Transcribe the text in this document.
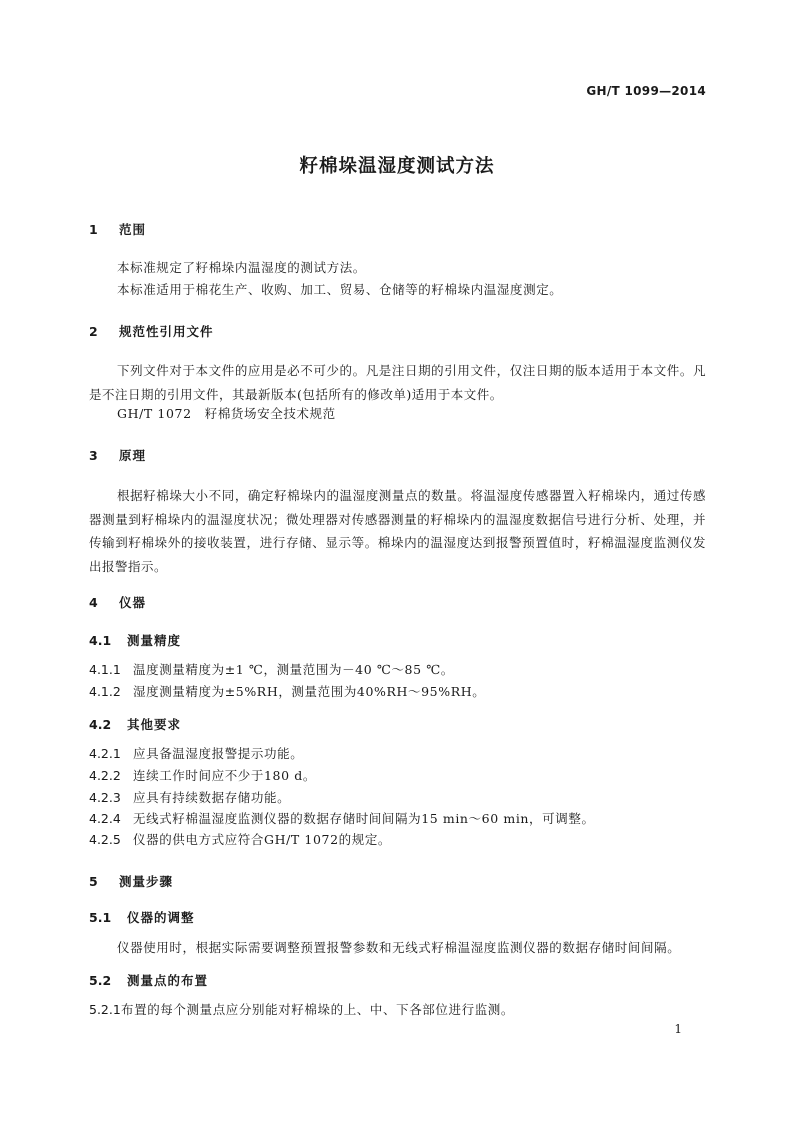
GH/T 1099—2014
籽棉垛温湿度测试方法
1 范围
本标准规定了籽棉垛内温湿度的测试方法。
本标准适用于棉花生产、收购、加工、贸易、仓储等的籽棉垛内温湿度测定。
2 规范性引用文件
下列文件对于本文件的应用是必不可少的。凡是注日期的引用文件，仅注日期的版本适用于本文件。凡是不注日期的引用文件，其最新版本(包括所有的修改单)适用于本文件。
GH/T 1072　籽棉货场安全技术规范
3 原理
根据籽棉垛大小不同，确定籽棉垛内的温湿度测量点的数量。将温湿度传感器置入籽棉垛内，通过传感器测量到籽棉垛内的温湿度状况；微处理器对传感器测量的籽棉垛内的温湿度数据信号进行分析、处理，并传输到籽棉垛外的接收装置，进行存储、显示等。棉垛内的温湿度达到报警预置值时，籽棉温湿度监测仪发出报警指示。
4 仪器
4.1 测量精度
4.1.1 温度测量精度为±1 ℃，测量范围为－40 ℃～85 ℃。
4.1.2 湿度测量精度为±5%RH，测量范围为40%RH～95%RH。
4.2 其他要求
4.2.1 应具备温湿度报警提示功能。
4.2.2 连续工作时间应不少于180 d。
4.2.3 应具有持续数据存储功能。
4.2.4 无线式籽棉温湿度监测仪器的数据存储时间间隔为15 min～60 min，可调整。
4.2.5 仪器的供电方式应符合GH/T 1072的规定。
5 测量步骤
5.1 仪器的调整
仪器使用时，根据实际需要调整预置报警参数和无线式籽棉温湿度监测仪器的数据存储时间间隔。
5.2 测量点的布置
5.2.1布置的每个测量点应分别能对籽棉垛的上、中、下各部位进行监测。
1
